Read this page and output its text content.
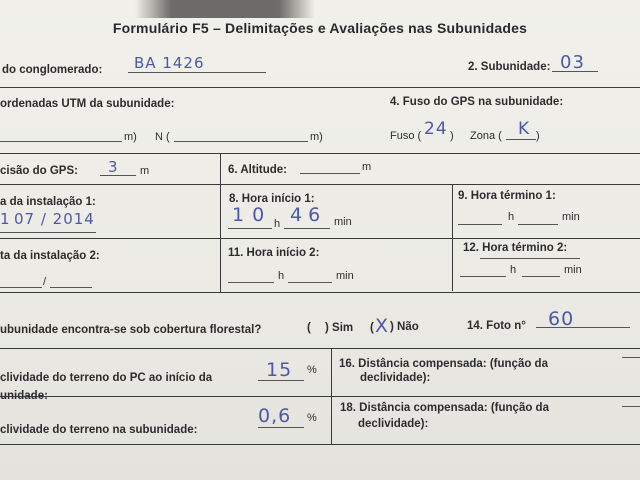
Formulário F5 – Delimitações e Avaliações nas Subunidades
do conglomerado: BA 1426	2. Subunidade: 03
ordenadas UTM da subunidade:	4. Fuso do GPS na subunidade:
m) N (	m)	Fuso ( 24 ) Zona ( K )
cisão do GPS: 3 m	6. Altitude:	m
a da instalação 1:
1 07 / 2014
8. Hora início 1:
10 h 46 min
9. Hora término 1:
h	min
ta da instalação 2:
/
11. Hora início 2:
h	min
12. Hora término 2:
h	min
ubunidade encontra-se sob cobertura florestal?	( ) Sim ( X ) Não	14. Foto n° 60
clividade do terreno do PC ao início da
unidade:
15 % 16. Distância compensada: (função da
declividade):
clividade do terreno na subunidade:
0,6 %
18. Distância compensada: (função da
declividade):
